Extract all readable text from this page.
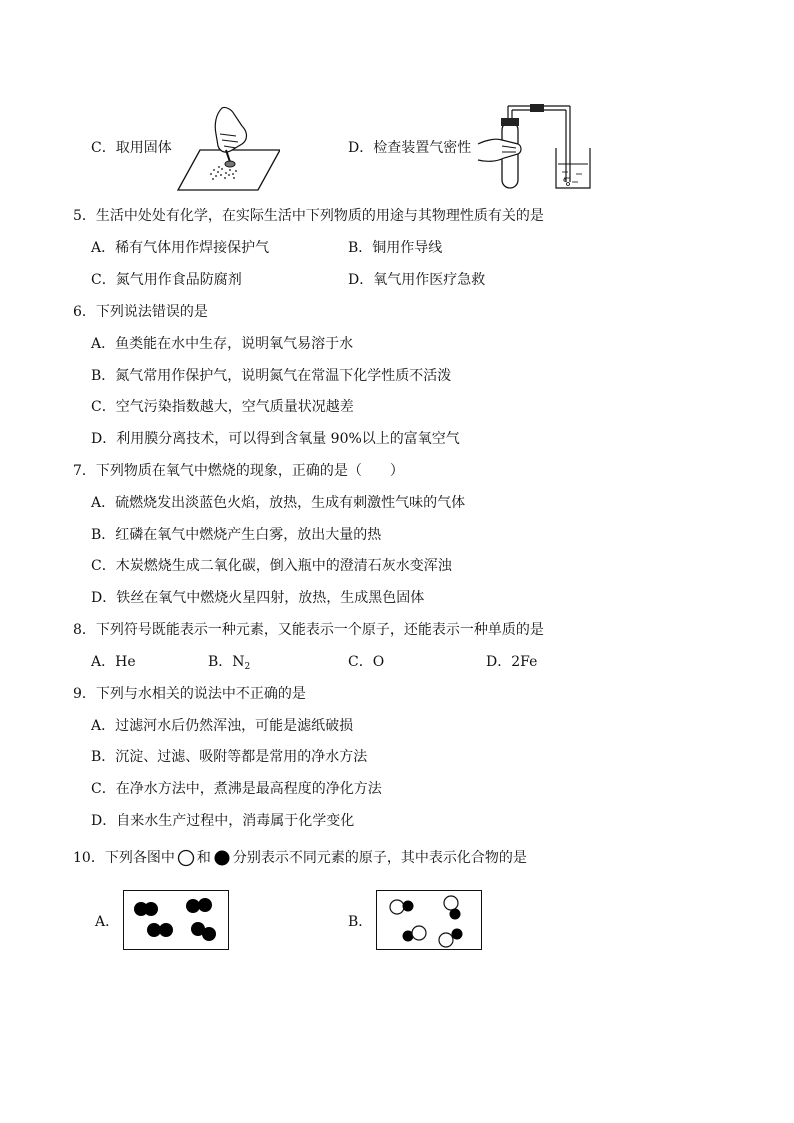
C．取用固体	D．检查装置气密性
5．生活中处处有化学，在实际生活中下列物质的用途与其物理性质有关的是
A．稀有气体用作焊接保护气	B．铜用作导线
C．氮气用作食品防腐剂	D．氧气用作医疗急救
6．下列说法错误的是
A．鱼类能在水中生存，说明氧气易溶于水
B．氮气常用作保护气，说明氮气在常温下化学性质不活泼
C．空气污染指数越大，空气质量状况越差
D．利用膜分离技术，可以得到含氧量 90%以上的富氧空气
7．下列物质在氧气中燃烧的现象，正确的是（　　）
A．硫燃烧发出淡蓝色火焰，放热，生成有刺激性气味的气体
B．红磷在氧气中燃烧产生白雾，放出大量的热
C．木炭燃烧生成二氧化碳，倒入瓶中的澄清石灰水变浑浊
D．铁丝在氧气中燃烧火星四射，放热，生成黑色固体
8．下列符号既能表示一种元素，又能表示一个原子，还能表示一种单质的是
A．He	B．$N_2$	C．O	D．2Fe
9．下列与水相关的说法中不正确的是
A．过滤河水后仍然浑浊，可能是滤纸破损
B．沉淀、过滤、吸附等都是常用的净水方法
C．在净水方法中，煮沸是最高程度的净化方法
D．自来水生产过程中，消毒属于化学变化
10．下列各图中 和 分别表示不同元素的原子，其中表示化合物的是
A．	B．
